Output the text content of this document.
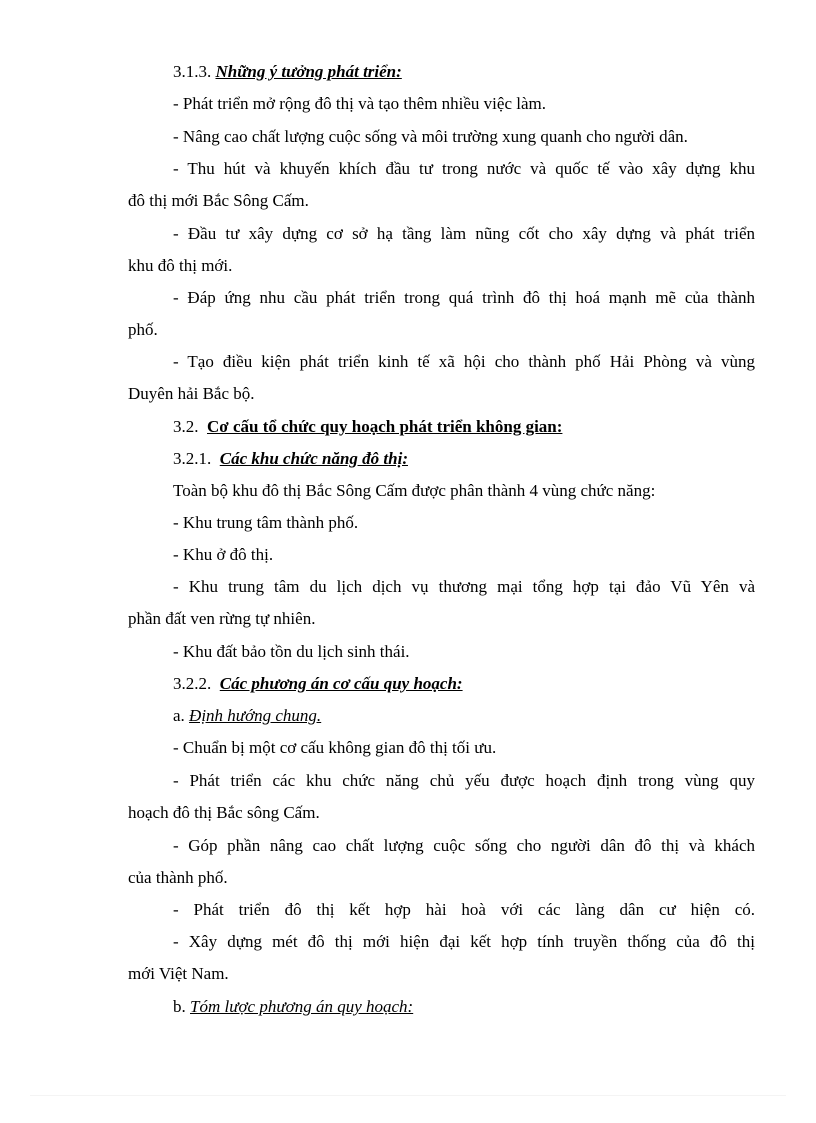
3.1.3. Những ý tưởng phát triển:
- Phát triển mở rộng đô thị và tạo thêm nhiều việc làm.
- Nâng cao chất lượng cuộc sống và môi trường xung quanh cho người dân.
- Thu hút và khuyến khích đầu tư trong nước và quốc tế vào xây dựng khu
đô thị mới Bắc Sông Cấm.
- Đầu tư xây dựng cơ sở hạ tầng làm nũng cốt cho xây dựng và phát triển
khu đô thị mới.
- Đáp ứng nhu cầu phát triển trong quá trình đô thị hoá mạnh mẽ của thành
phố.
- Tạo điều kiện phát triển kinh tế xã hội cho thành phố Hải Phòng và vùng
Duyên hải Bắc bộ.
3.2. Cơ cấu tổ chức quy hoạch phát triển không gian:
3.2.1. Các khu chức năng đô thị:
Toàn bộ khu đô thị Bắc Sông Cấm được phân thành 4 vùng chức năng:
- Khu trung tâm thành phố.
- Khu ở đô thị.
- Khu trung tâm du lịch dịch vụ thương mại tổng hợp tại đảo Vũ Yên và
phần đất ven rừng tự nhiên.
- Khu đất bảo tồn du lịch sinh thái.
3.2.2. Các phương án cơ cấu quy hoạch:
a. Định hướng chung.
- Chuẩn bị một cơ cấu không gian đô thị tối ưu.
- Phát triển các khu chức năng chủ yếu được hoạch định trong vùng quy
hoạch đô thị Bắc sông Cấm.
- Góp phần nâng cao chất lượng cuộc sống cho người dân đô thị và khách
của thành phố.
- Phát triển đô thị kết hợp hài hoà với các làng dân cư hiện có.
- Xây dựng mét đô thị mới hiện đại kết hợp tính truyền thống của đô thị
mới Việt Nam.
b. Tóm lược phương án quy hoạch:
